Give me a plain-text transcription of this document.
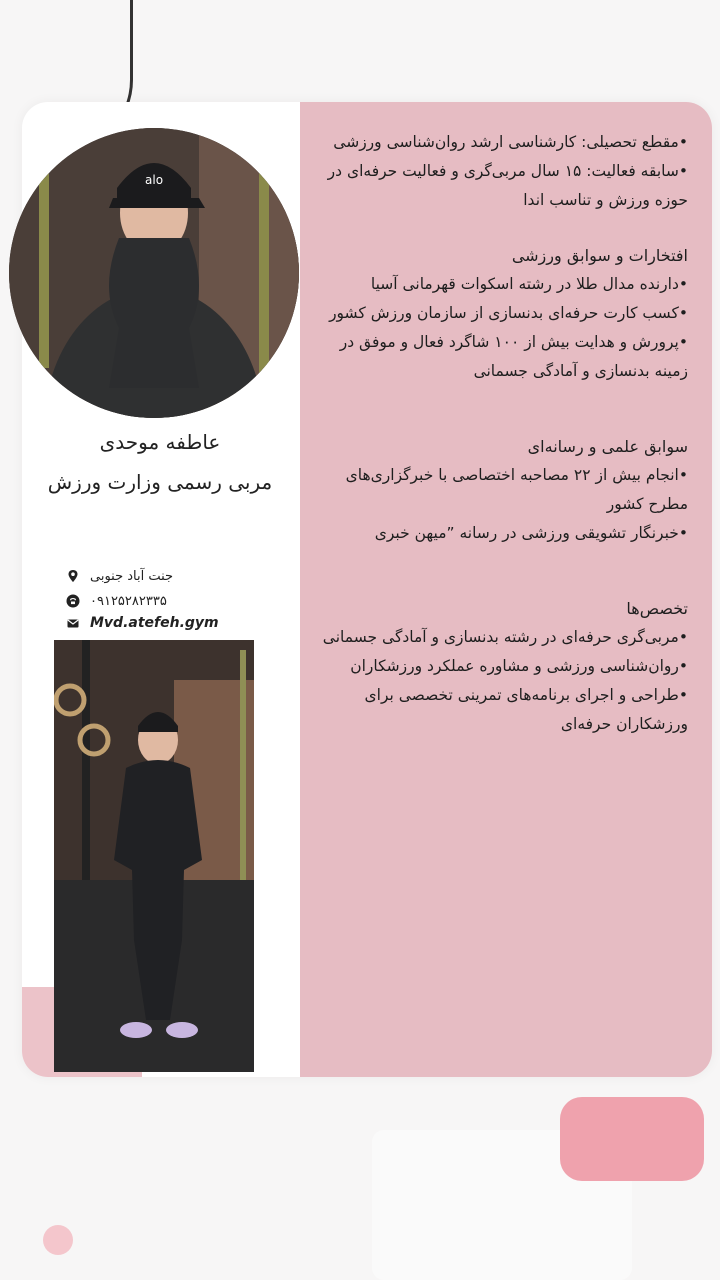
•مقطع تحصیلی: کارشناسی ارشد روان‌شناسی ورزشی

•سابقه فعالیت: ۱۵ سال مربی‌گری و فعالیت حرفه‌ای در حوزه ورزش و تناسب اندا

افتخارات و سوابق ورزشی

•دارنده مدال طلا در رشته اسکوات قهرمانی آسیا

•کسب کارت حرفه‌ای بدنسازی از سازمان ورزش کشور

•پرورش و هدایت بیش از ۱۰۰ شاگرد فعال و موفق در زمینه بدنسازی و آمادگی جسمانی

سوابق علمی و رسانه‌ای

•انجام بیش از ۲۲ مصاحبه اختصاصی با خبرگزاری‌های مطرح کشور

•خبرنگار تشویقی ورزشی در رسانه ”میهن خبری

تخصص‌ها

•مربی‌گری حرفه‌ای در رشته بدنسازی و آمادگی جسمانی

•روان‌شناسی ورزشی و مشاوره عملکرد ورزشکاران

•طراحی و اجرای برنامه‌های تمرینی تخصصی برای ورزشکاران حرفه‌ای

alo

عاطفه موحدی

مربی رسمی وزارت ورزش

جنت آباد جنوبی
۰۹۱۲۵۲۸۲۳۳۵
Mvd.atefeh.gym
